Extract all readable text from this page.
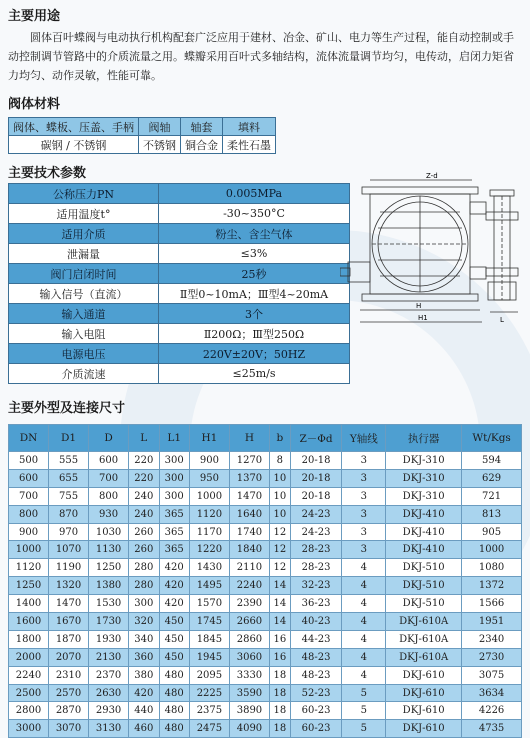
主要用途

圆体百叶蝶阀与电动执行机构配套广泛应用于建材、冶金、矿山、电力等生产过程，能自动控制或手动控制调节管路中的介质流量之用。蝶瓣采用百叶式多轴结构，流体流量调节均匀，电传动，启闭力矩省力均匀、动作灵敏，性能可靠。

阀体材料
阀体、蝶板、压盖、手柄	阀轴	轴套	填料
碳钢 / 不锈钢	不锈钢	铜合金	柔性石墨
主要技术参数
公称压力PN	0.005MPa
适用温度t°	-30~350°C
适用介质	粉尘、含尘气体
泄漏量	≤3%
阀门启闭时间	25秒
输入信号（直流）	Ⅱ型0~10mA；Ⅲ型4~20mA
输入通道	3个
输入电阻	Ⅱ200Ω；Ⅲ型250Ω
电源电压	220V±20V；50HZ
介质流速	≤25m/s
Z-d
H
H1	L
主要外型及连接尺寸
DN	D1	D	L	L1	H1	H	b	Z－Φd	Y轴线	执行器	Wt/Kgs
500	555	600	220	300	900	1270	8	20-18	3	DKJ-310	594
600	655	700	220	300	950	1370	10	20-18	3	DKJ-310	629
700	755	800	240	300	1000	1470	10	20-18	3	DKJ-310	721
800	870	930	240	365	1120	1640	10	24-23	3	DKJ-410	813
900	970	1030	260	365	1170	1740	12	24-23	3	DKJ-410	905
1000	1070	1130	260	365	1220	1840	12	28-23	3	DKJ-410	1000
1120	1190	1250	280	420	1430	2110	12	28-23	4	DKJ-510	1080
1250	1320	1380	280	420	1495	2240	14	32-23	4	DKJ-510	1372
1400	1470	1530	300	420	1570	2390	14	36-23	4	DKJ-510	1566
1600	1670	1730	320	450	1745	2660	14	40-23	4	DKJ-610A	1951
1800	1870	1930	340	450	1845	2860	16	44-23	4	DKJ-610A	2340
2000	2070	2130	360	450	1945	3060	16	48-23	4	DKJ-610A	2730
2240	2310	2370	380	480	2095	3330	18	48-23	4	DKJ-610	3075
2500	2570	2630	420	480	2225	3590	18	52-23	5	DKJ-610	3634
2800	2870	2930	440	480	2375	3890	18	60-23	5	DKJ-610	4226
3000	3070	3130	460	480	2475	4090	18	60-23	5	DKJ-610	4735
